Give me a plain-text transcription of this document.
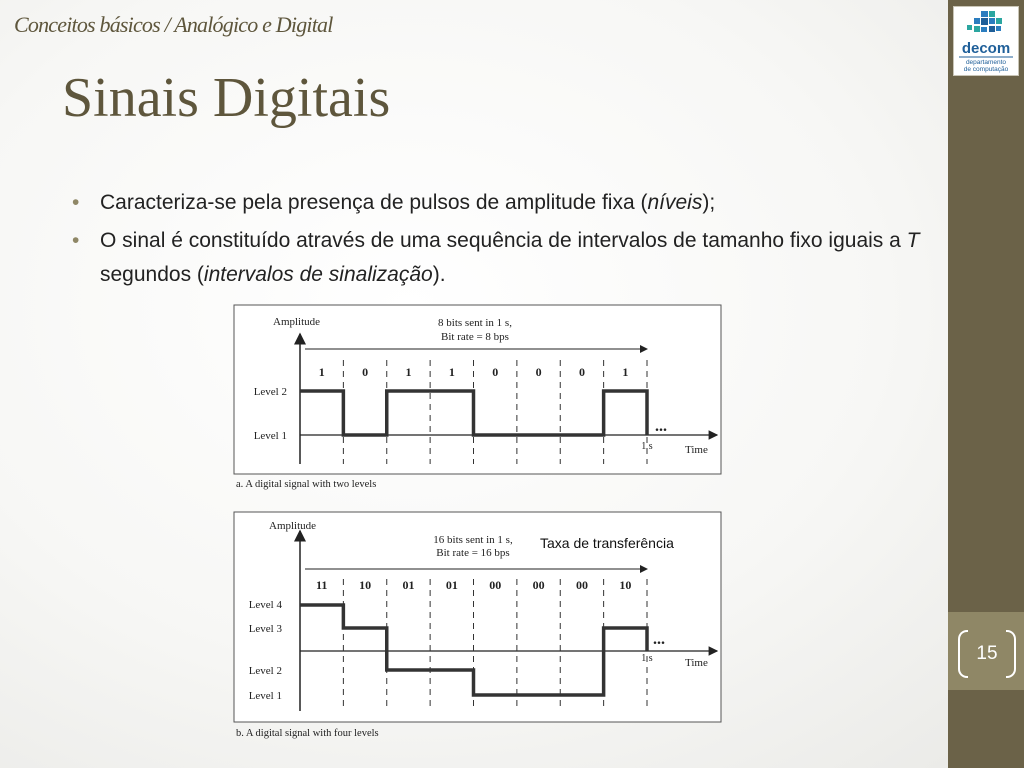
decom
departamento
de computação
15
Conceitos básicos / Analógico e Digital
Sinais Digitais
• Caracteriza-se pela presença de pulsos de amplitude fixa (níveis);
• O sinal é constituído através de uma sequência de intervalos de tamanho fixo iguais a T segundos (intervalos de sinalização).
Amplitude	8 bits sent in 1 s,
Bit rate = 8 bps
1	0	1	1	0	0	0	1
Level 2
Level 1
...
1 s	Time
a. A digital signal with two levels
Amplitude
16 bits sent in 1 s,
Bit rate = 16 bps
Taxa de transferência
11	10	01	01	00	00	00	10
Level 4
Level 3
Level 2
Level 1
...
1 s	Time
b. A digital signal with four levels
